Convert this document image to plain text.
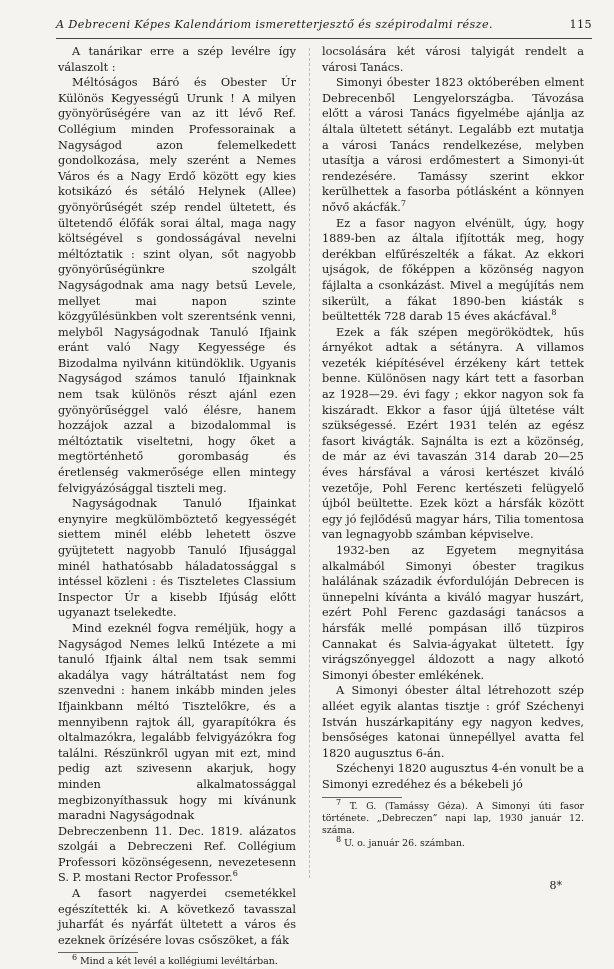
A Debreceni Képes Kalendáriom ismeretterjesztő és szépirodalmi része.	115

A tanárikar erre a szép levélre így válaszolt :

Méltóságos Báró és Obester Úr Különös Kegyességű Urunk ! A milyen gyönyörűségére van az itt lévő Ref. Collégium minden Professorainak a Nagyságod azon felemelkedett gondolkozása, mely szerént a Nemes Város és a Nagy Erdő között egy kies kotsikázó és sétáló Helynek (Allee) gyönyörűségét szép rendel ültetett, és ültetendő élőfák sorai által, maga nagy költségével s gondosságával nevelni méltóztatik : szint olyan, sőt nagyobb gyönyörűségünkre szolgált Nagyságodnak ama nagy betsű Levele, mellyet mai napon szinte közgyűlésünkben volt szerentsénk venni, melyből Nagyságodnak Tanuló Ifjaink eránt való Nagy Kegyessége és Bizodalma nyilvánn kitündöklik. Ugyanis Nagyságod számos tanuló Ifjainknak nem tsak különös részt ajánl ezen gyönyörűséggel való élésre, hanem hozzájok azzal a bizodalommal is méltóztatik viseltetni, hogy őket a megtörténhető gorombaság és éretlenség vakmerősége ellen mintegy felvigyázósággal tiszteli meg.

Nagyságodnak Tanuló Ifjainkat enynyire megkülömböztető kegyességét siettem minél elébb lehetett öszve gyüjtetett nagyobb Tanuló Ifjusággal minél hathatósabb háladatossággal s intéssel közleni : és Tiszteletes Classium Inspector Úr a kisebb Ifjúság előtt ugyanazt tselekedte.

Mind ezeknél fogva reméljük, hogy a Nagyságod Nemes lelkű Intézete a mi tanuló Ifjaink által nem tsak semmi akadálya vagy hátráltatást nem fog szenvedni : hanem inkább minden jeles Ifjainkbann méltó Tisztelőkre, és a mennyibenn rajtok áll, gyarapítókra és oltalmazókra, legalább felvigyázókra fog találni. Részünkről ugyan mit ezt, mind pedig azt szivesenn akarjuk, hogy minden alkalmatossággal megbizonyíthassuk hogy mi kívánunk maradni Nagyságodnak

Debreczenbenn 11. Dec. 1819. alázatos szolgái a Debreczeni Ref. Collégium Professori közönségesenn, nevezetesenn S. P. mostani Rector Professor.$^6$

A fasort nagyerdei csemetékkel egészítették ki. A következő tavasszal juharfát és nyárfát ültetett a város és ezeknek örízésére lovas csőszöket, a fák

$^6$ Mind a két levél a kollégiumi levéltárban.

locsolására két városi talyigát rendelt a városi Tanács.

Simonyi óbester 1823 októberében elment Debrecenből Lengyelországba. Távozása előtt a városi Tanács figyelmébe ajánlja az általa ültetett sétányt. Legalább ezt mutatja a városi Tanács rendelkezése, melyben utasítja a városi erdőmestert a Simonyi-út rendezésére. Tamássy szerint ekkor kerülhettek a fasorba pótlásként a könnyen nővő akácfák.$^7$

Ez a fasor nagyon elvénült, úgy, hogy 1889-ben az általa ifjították meg, hogy derékban elfűrészelték a fákat. Az ekkori ujságok, de főképpen a közönség nagyon fájlalta a csonkázást. Mivel a megújítás nem sikerült, a fákat 1890-ben kiásták s beültették 728 darab 15 éves akácfával.$^8$

Ezek a fák szépen megöröködtek, hűs árnyékot adtak a sétányra. A villamos vezeték kiépítésével érzékeny kárt tettek benne. Különösen nagy kárt tett a fasorban az 1928—29. évi fagy ; ekkor nagyon sok fa kiszáradt. Ekkor a fasor újjá ültetése vált szükségessé. Ezért 1931 telén az egész fasort kivágták. Sajnálta is ezt a közönség, de már az évi tavaszán 314 darab 20—25 éves hársfával a városi kertészet kiváló vezetője, Pohl Ferenc kertészeti felügyelő újból beültette. Ezek közt a hársfák között egy jó fejlődésű magyar hárs, Tilia tomentosa van legnagyobb számban képviselve.

1932-ben az Egyetem megnyitása alkalmából Simonyi óbester tragikus halálának századik évfordulóján Debrecen is ünnepelni kívánta a kiváló magyar huszárt, ezért Pohl Ferenc gazdasági tanácsos a hársfák mellé pompásan illő tüzpiros Cannakat és Salvia-ágyakat ültetett. Így virágszőnyeggel áldozott a nagy alkotó Simonyi óbester emlékének.

A Simonyi óbester által létrehozott szép alléet egyik alantas tisztje : gróf Széchenyi István huszárkapitány egy nagyon kedves, bensőséges katonai ünnepéllyel avatta fel 1820 augusztus 6-án.

Széchenyi 1820 augusztus 4-én vonult be a Simonyi ezredéhez és a békebeli jó

$^7$ T. G. (Tamássy Géza). A Simonyi úti fasor története. „Debreczen” napi lap, 1930 január 12. száma.

$^8$ U. o. január 26. számban.

8*
